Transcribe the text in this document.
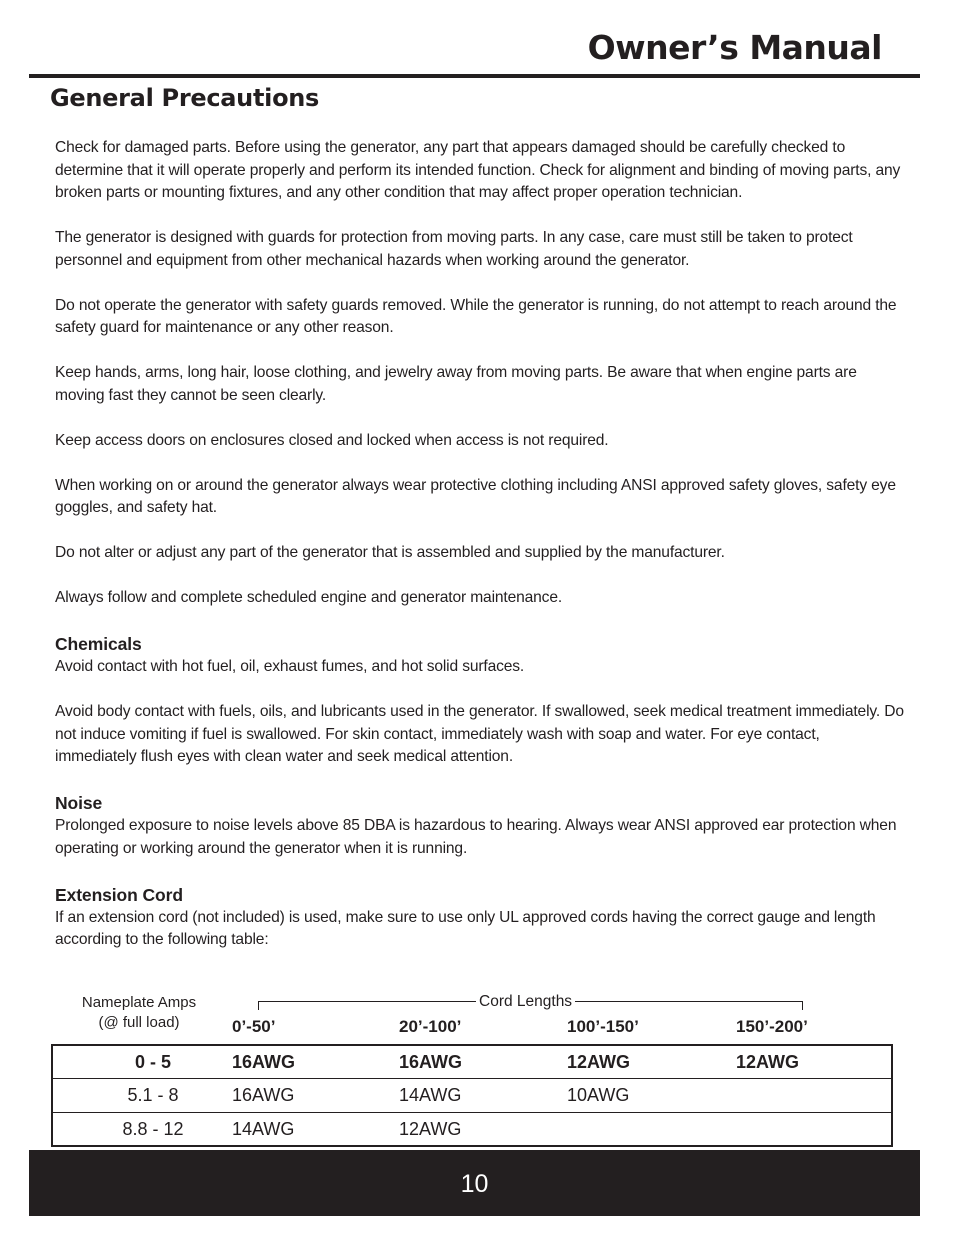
Owner’s Manual
General Precautions

Check for damaged parts. Before using the generator, any part that appears damaged should be carefully checked to determine that it will operate properly and perform its intended function. Check for alignment and binding of moving parts, any broken parts or mounting fixtures, and any other condition that may affect proper operation technician.

The generator is designed with guards for protection from moving parts. In any case, care must still be taken to protect personnel and equipment from other mechanical hazards when working around the generator.

Do not operate the generator with safety guards removed. While the generator is running, do not attempt to reach around the safety guard for maintenance or any other reason.

Keep hands, arms, long hair, loose clothing, and jewelry away from moving parts. Be aware that when engine parts are moving fast they cannot be seen clearly.

Keep access doors on enclosures closed and locked when access is not required.

When working on or around the generator always wear protective clothing including ANSI approved safety gloves, safety eye goggles, and safety hat.

Do not alter or adjust any part of the generator that is assembled and supplied by the manufacturer.

Always follow and complete scheduled engine and generator maintenance.

Chemicals

Avoid contact with hot fuel, oil, exhaust fumes, and hot solid surfaces.

Avoid body contact with fuels, oils, and lubricants used in the generator. If swallowed, seek medical treatment immediately. Do not induce vomiting if fuel is swallowed. For skin contact, immediately wash with soap and water. For eye contact, immediately flush eyes with clean water and seek medical attention.

Noise

Prolonged exposure to noise levels above 85 DBA is hazardous to hearing. Always wear ANSI approved ear protection when operating or working around the generator when it is running.

Extension Cord

If an extension cord (not included) is used, make sure to use only UL approved cords having the correct gauge and length according to the following table:

Nameplate Amps
(@ full load)
Cord Lengths
0’-50’	20’-100’	100’-150’	150’-200’
0 - 5	16AWG	16AWG	12AWG	12AWG
5.1 - 8	16AWG	14AWG	10AWG
8.8 - 12	14AWG	12AWG
10
